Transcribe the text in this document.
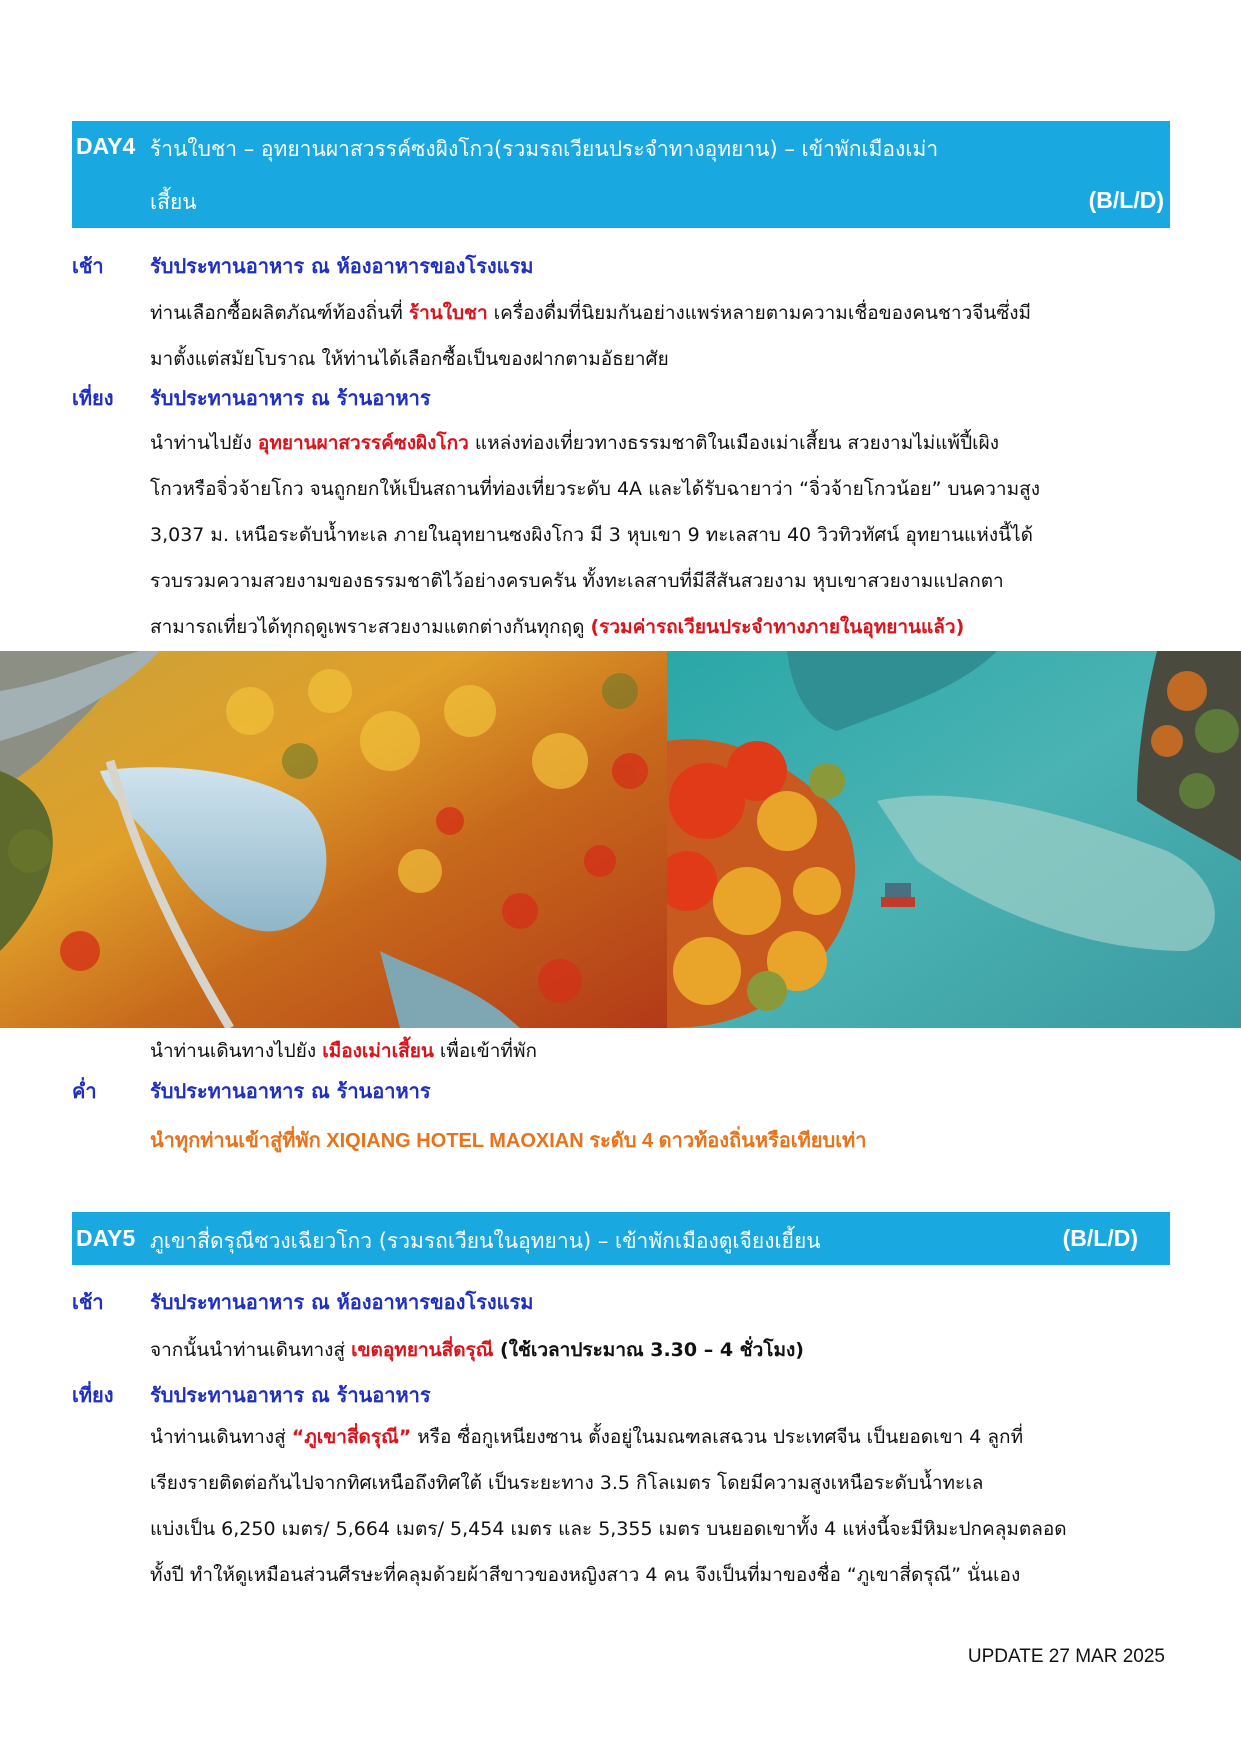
DAY4 ร้านใบชา – อุทยานผาสวรรค์ซงผิงโกว(รวมรถเวียนประจำทางอุทยาน) – เข้าพักเมืองเม่า
เสี้ยน	(B/L/D)
เช้า รับประทานอาหาร ณ ห้องอาหารของโรงแรม
ท่านเลือกซื้อผลิตภัณฑ์ท้องถิ่นที่ ร้านใบชา เครื่องดื่มที่นิยมกันอย่างแพร่หลายตามความเชื่อของคนชาวจีนซึ่งมี
มาตั้งแต่สมัยโบราณ ให้ท่านได้เลือกซื้อเป็นของฝากตามอัธยาศัย
เที่ยง รับประทานอาหาร ณ ร้านอาหาร
นำท่านไปยัง อุทยานผาสวรรค์ซงผิงโกว แหล่งท่องเที่ยวทางธรรมชาติในเมืองเม่าเสี้ยน สวยงามไม่แพ้ปี้เผิง
โกวหรือจิ่วจ้ายโกว จนถูกยกให้เป็นสถานที่ท่องเที่ยวระดับ 4A และได้รับฉายาว่า “จิ่วจ้ายโกวน้อย” บนความสูง
3,037 ม. เหนือระดับน้ำทะเล ภายในอุทยานซงผิงโกว มี 3 หุบเขา 9 ทะเลสาบ 40 วิวทิวทัศน์ อุทยานแห่งนี้ได้
รวบรวมความสวยงามของธรรมชาติไว้อย่างครบครัน ทั้งทะเลสาบที่มีสีสันสวยงาม หุบเขาสวยงามแปลกตา
สามารถเที่ยวได้ทุกฤดูเพราะสวยงามแตกต่างกันทุกฤดู (รวมค่ารถเวียนประจำทางภายในอุทยานแล้ว)
นำท่านเดินทางไปยัง เมืองเม่าเสี้ยน เพื่อเข้าที่พัก
ค่ำ	รับประทานอาหาร ณ ร้านอาหาร
นำทุกท่านเข้าสู่ที่พัก XIQIANG HOTEL MAOXIAN ระดับ 4 ดาวท้องถิ่นหรือเทียบเท่า
DAY5 ภูเขาสี่ดรุณีซวงเฉียวโกว (รวมรถเวียนในอุทยาน) – เข้าพักเมืองตูเจียงเยี้ยน	(B/L/D)
เช้า รับประทานอาหาร ณ ห้องอาหารของโรงแรม
จากนั้นนำท่านเดินทางสู่ เขตอุทยานสี่ดรุณี (ใช้เวลาประมาณ 3.30 – 4 ชั่วโมง)
เที่ยง รับประทานอาหาร ณ ร้านอาหาร
นำท่านเดินทางสู่ “ภูเขาสี่ดรุณี” หรือ ซื่อกูเหนียงซาน ตั้งอยู่ในมณฑลเสฉวน ประเทศจีน เป็นยอดเขา 4 ลูกที่
เรียงรายติดต่อกันไปจากทิศเหนือถึงทิศใต้ เป็นระยะทาง 3.5 กิโลเมตร โดยมีความสูงเหนือระดับน้ำทะเล
แบ่งเป็น 6,250 เมตร/ 5,664 เมตร/ 5,454 เมตร และ 5,355 เมตร บนยอดเขาทั้ง 4 แห่งนี้จะมีหิมะปกคลุมตลอด
ทั้งปี ทำให้ดูเหมือนส่วนศีรษะที่คลุมด้วยผ้าสีขาวของหญิงสาว 4 คน จึงเป็นที่มาของชื่อ “ภูเขาสี่ดรุณี” นั่นเอง
UPDATE 27 MAR 2025
